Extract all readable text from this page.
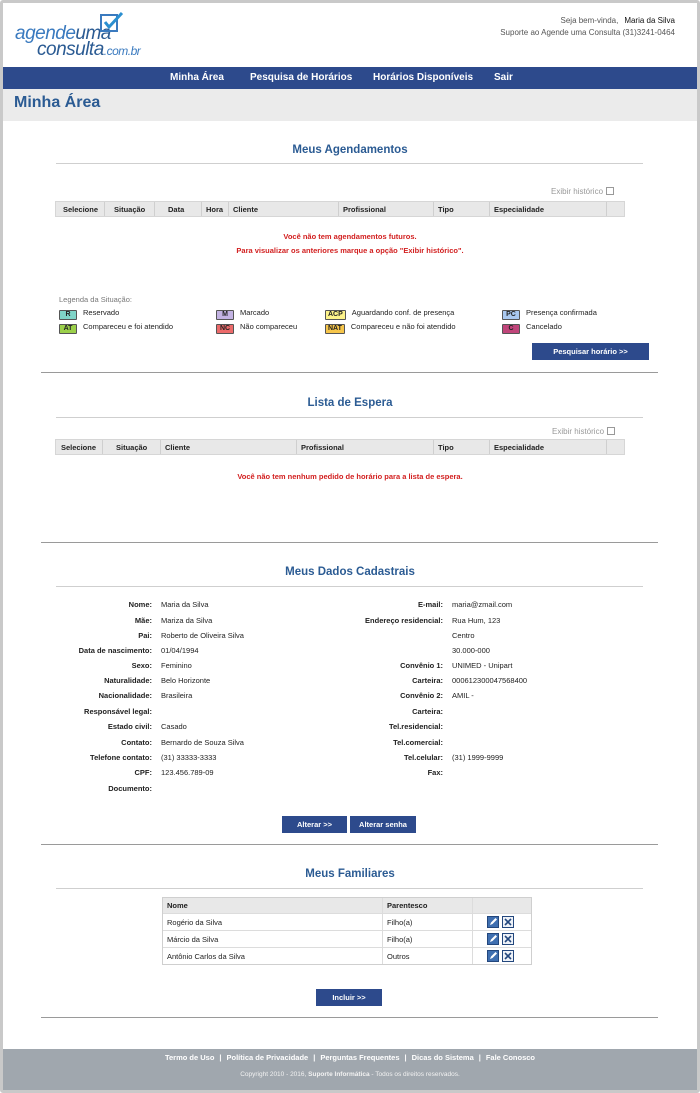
agendeuma
consulta.com.br
Seja bem-vinda, Maria da Silva
Suporte ao Agende uma Consulta (31)3241-0464
Minha Área	Pesquisa de Horários Horários Disponíveis Sair
Minha Área
Meus Agendamentos
Exibir histórico
Selecione Situação	Data	Hora Cliente	Profissional	Tipo	Especialidade
Você não tem agendamentos futuros.
Para visualizar os anteriores marque a opção "Exibir histórico".
Legenda da Situação:
R Reservado	M Marcado	ACP Aguardando conf. de presença	PC Presença confirmada
AT Compareceu e foi atendido	NC Não compareceu	NAT Compareceu e não foi atendido	C Cancelado
Pesquisar horário >>
Lista de Espera
Exibir histórico
Selecione	Situação Cliente	Profissional	Tipo	Especialidade
Você não tem nenhum pedido de horário para a lista de espera.
Meus Dados Cadastrais
Nome: Maria da Silva
Mãe: Mariza da Silva
Pai: Roberto de Oliveira Silva
Data de nascimento: 01/04/1994
Sexo: Feminino
Naturalidade: Belo Horizonte
Nacionalidade: Brasileira
Responsável legal:
Estado civil: Casado
Contato: Bernardo de Souza Silva
Telefone contato: (31) 33333-3333
CPF: 123.456.789-09
Documento:
E-mail: maria@zmail.com
Endereço residencial: Rua Hum, 123
Centro
30.000-000
Convênio 1: UNIMED - Unipart
Carteira: 000612300047568400
Convênio 2: AMIL -
Carteira:
Tel.residencial:
Tel.comercial:
Tel.celular: (31) 1999-9999
Fax:
Alterar >>	Alterar senha
Meus Familiares
Nome	Parentesco
Rogério da Silva	Filho(a)
Márcio da Silva	Filho(a)
Antônio Carlos da Silva	Outros
Incluir >>
Termo de Uso | Política de Privacidade | Perguntas Frequentes | Dicas do Sistema | Fale Conosco
Copyright 2010 - 2016, Suporte Informática - Todos os direitos reservados.
